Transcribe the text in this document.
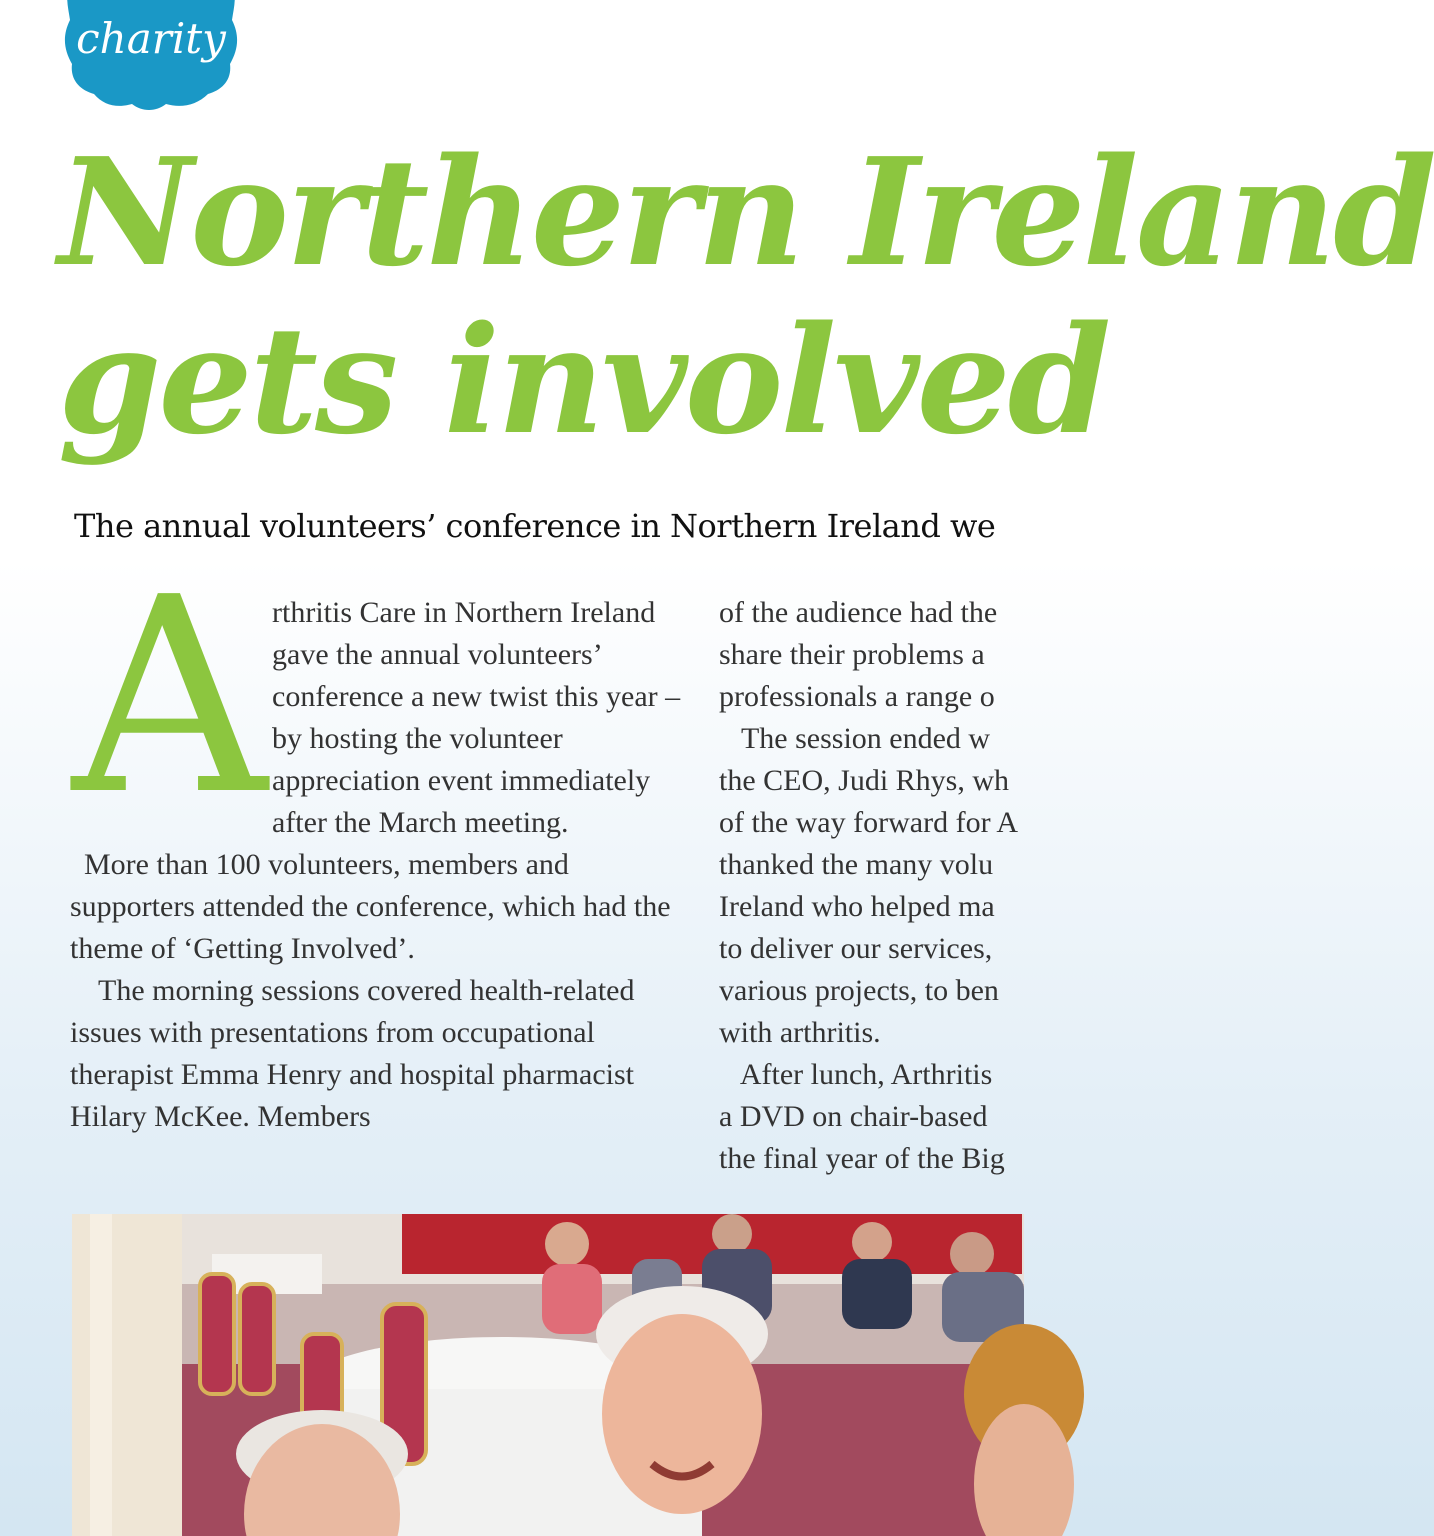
charity
Northern Ireland
gets involved
The annual volunteers’ conference in Northern Ireland we

Arthritis Care in Northern Ireland gave the annual volunteers’ conference a new twist this year – by hosting the volunteer appreciation event immediately after the March meeting.

More than 100 volunteers, members and supporters attended the conference, which had the theme of ‘Getting Involved’.

The morning sessions covered health-related issues with presentations from occupational therapist Emma Henry and hospital pharmacist Hilary McKee. Members

of the audience had the
share their problems a
professionals a range o
The session ended w
the CEO, Judi Rhys, wh
of the way forward for A
thanked the many volu
Ireland who helped ma
to deliver our services,
various projects, to ben
with arthritis.
After lunch, Arthritis
a DVD on chair-based
the final year of the Big
